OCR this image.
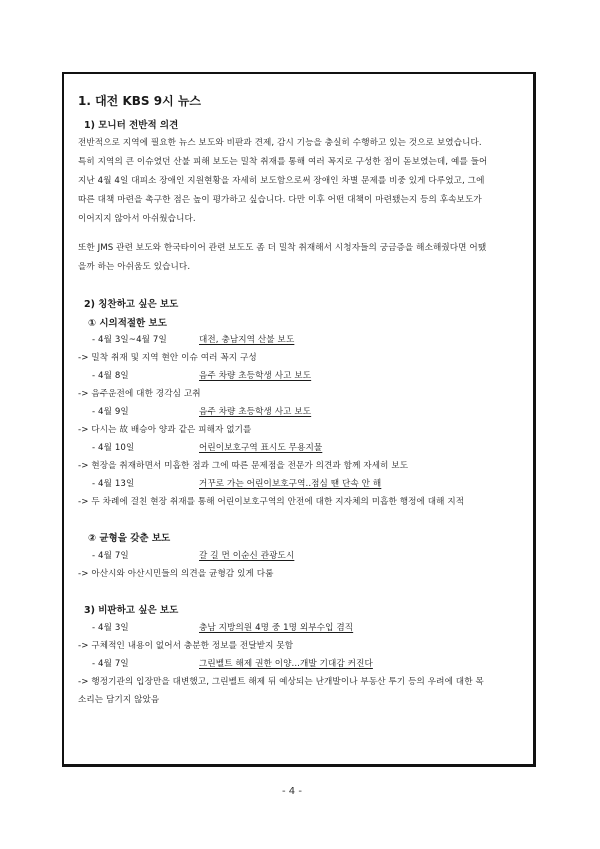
1. 대전 KBS 9시 뉴스
1) 모니터 전반적 의견
전반적으로 지역에 필요한 뉴스 보도와 비판과 견제, 감시 기능을 충실히 수행하고 있는 것으로 보였습니다.
특히 지역의 큰 이슈였던 산불 피해 보도는 밀착 취재를 통해 여러 꼭지로 구성한 점이 돋보였는데, 예를 들어
지난 4월 4일 대피소 장애인 지원현황을 자세히 보도함으로써 장애인 차별 문제를 비중 있게 다루었고, 그에
따른 대책 마련을 촉구한 점은 높이 평가하고 싶습니다. 다만 이후 어떤 대책이 마련됐는지 등의 후속보도가
이어지지 않아서 아쉬웠습니다.
또한 JMS 관련 보도와 한국타이어 관련 보도도 좀 더 밀착 취재해서 시청자들의 궁금증을 해소해줬다면 어땠
을까 하는 아쉬움도 있습니다.
2) 칭찬하고 싶은 보도
① 시의적절한 보도
- 4월 3일~4월 7일	대전, 충남지역 산불 보도
-> 밀착 취재 및 지역 현안 이슈 여러 꼭지 구성
- 4월 8일	음주 차량 초등학생 사고 보도
-> 음주운전에 대한 경각심 고취
- 4월 9일	음주 차량 초등학생 사고 보도
-> 다시는 故 배승아 양과 같은 피해자 없기를
- 4월 10일	어린이보호구역 표시도 무용지물
-> 현장을 취재하면서 미흡한 점과 그에 따른 문제점을 전문가 의견과 함께 자세히 보도
- 4월 13일	거꾸로 가는 어린이보호구역..점심 땐 단속 안 해
-> 두 차례에 걸친 현장 취재를 통해 어린이보호구역의 안전에 대한 지자체의 미흡한 행정에 대해 지적
② 균형을 갖춘 보도
- 4월 7일	갈 길 먼 이순신 관광도시
-> 아산시와 아산시민들의 의견을 균형감 있게 다룸
3) 비판하고 싶은 보도
- 4월 3일	충남 지방의원 4명 중 1명 외부수입 겸직
-> 구체적인 내용이 없어서 충분한 정보를 전달받지 못함
- 4월 7일	그린벨트 해제 권한 이양...개발 기대감 커진다
-> 행정기관의 입장만을 대변했고, 그린벨트 해제 뒤 예상되는 난개발이나 부동산 투기 등의 우려에 대한 목
소리는 담기지 않았음
- 4 -
